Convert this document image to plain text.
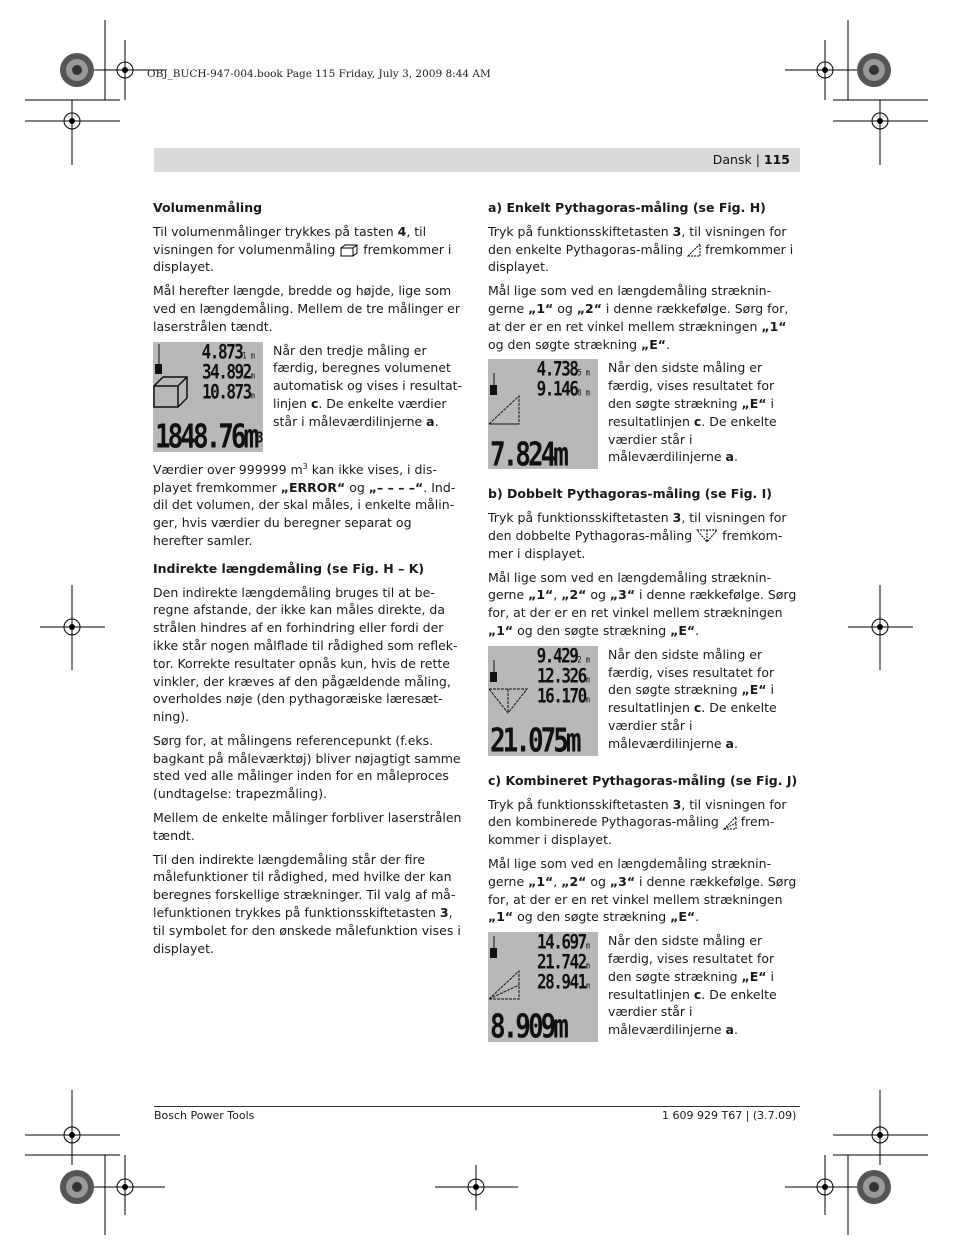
OBJ_BUCH-947-004.book Page 115 Friday, July 3, 2009 8:44 AM
Dansk | 115
Volumenmåling

Til volumenmålinger trykkes på tasten 4, til visningen for volumenmåling  fremkommer i displayet.

Mål herefter længde, bredde og højde, lige som ved en længdemåling. Mellem de tre målinger er laserstrålen tændt.

4.8731 m
34.892m
10.873m
$1848.76m^3$
Når den tredje måling er færdig, beregnes volumenet automatisk og vises i resultatlinjen c. De enkelte værdier står i måleværdilinjerne a.

Værdier over 999999 $m^3$ kan ikke vises, i displayet fremkommer „ERROR“ og „– – – –“. Inddil det volumen, der skal måles, i enkelte målinger, hvis værdier du beregner separat og herefter samler.

Indirekte længdemåling (se Fig. H – K)

Den indirekte længdemåling bruges til at beregne afstande, der ikke kan måles direkte, da strålen hindres af en forhindring eller fordi der ikke står nogen målflade til rådighed som reflektor. Korrekte resultater opnås kun, hvis de rette vinkler, der kræves af den pågældende måling, overholdes nøje (den pythagoræiske læresætning).

Sørg for, at målingens referencepunkt (f.eks. bagkant på måleværktøj) bliver nøjagtigt samme sted ved alle målinger inden for en måleproces (undtagelse: trapezmåling).

Mellem de enkelte målinger forbliver laserstrålen tændt.

Til den indirekte længdemåling står der fire målefunktioner til rådighed, med hvilke der kan beregnes forskellige strækninger. Til valg af målefunktionen trykkes på funktionsskiftetasten 3, til symbolet for den ønskede målefunktion vises i displayet.

a) Enkelt Pythagoras-måling (se Fig. H)

Tryk på funktionsskiftetasten 3, til visningen for den enkelte Pythagoras-måling  fremkommer i displayet.

Mål lige som ved en længdemåling strækningerne „1“ og „2“ i denne rækkefølge. Sørg for, at der er en ret vinkel mellem strækningen „1“ og den søgte strækning „E“.

4.7385 m
9.1468 m
7.824m
Når den sidste måling er færdig, vises resultatet for den søgte strækning „E“ i resultatlinjen c. De enkelte værdier står i måleværdilinjerne a.
b) Dobbelt Pythagoras-måling (se Fig. I)

Tryk på funktionsskiftetasten 3, til visningen for den dobbelte Pythagoras-måling  fremkommer i displayet.

Mål lige som ved en længdemåling strækningerne „1“, „2“ og „3“ i denne rækkefølge. Sørg for, at der er en ret vinkel mellem strækningen „1“ og den søgte strækning „E“.

9.4292 m
12.326m
16.170m
21.075m
Når den sidste måling er færdig, vises resultatet for den søgte strækning „E“ i resultatlinjen c. De enkelte værdier står i måleværdilinjerne a.
c) Kombineret Pythagoras-måling (se Fig. J)

Tryk på funktionsskiftetasten 3, til visningen for den kombinerede Pythagoras-måling  fremkommer i displayet.

Mål lige som ved en længdemåling strækningerne „1“, „2“ og „3“ i denne rækkefølge. Sørg for, at der er en ret vinkel mellem strækningen „1“ og den søgte strækning „E“.

14.697m
21.742m
28.941m
8.909m
Når den sidste måling er færdig, vises resultatet for den søgte strækning „E“ i resultatlinjen c. De enkelte værdier står i måleværdilinjerne a.
Bosch Power Tools	1 609 929 T67 | (3.7.09)
